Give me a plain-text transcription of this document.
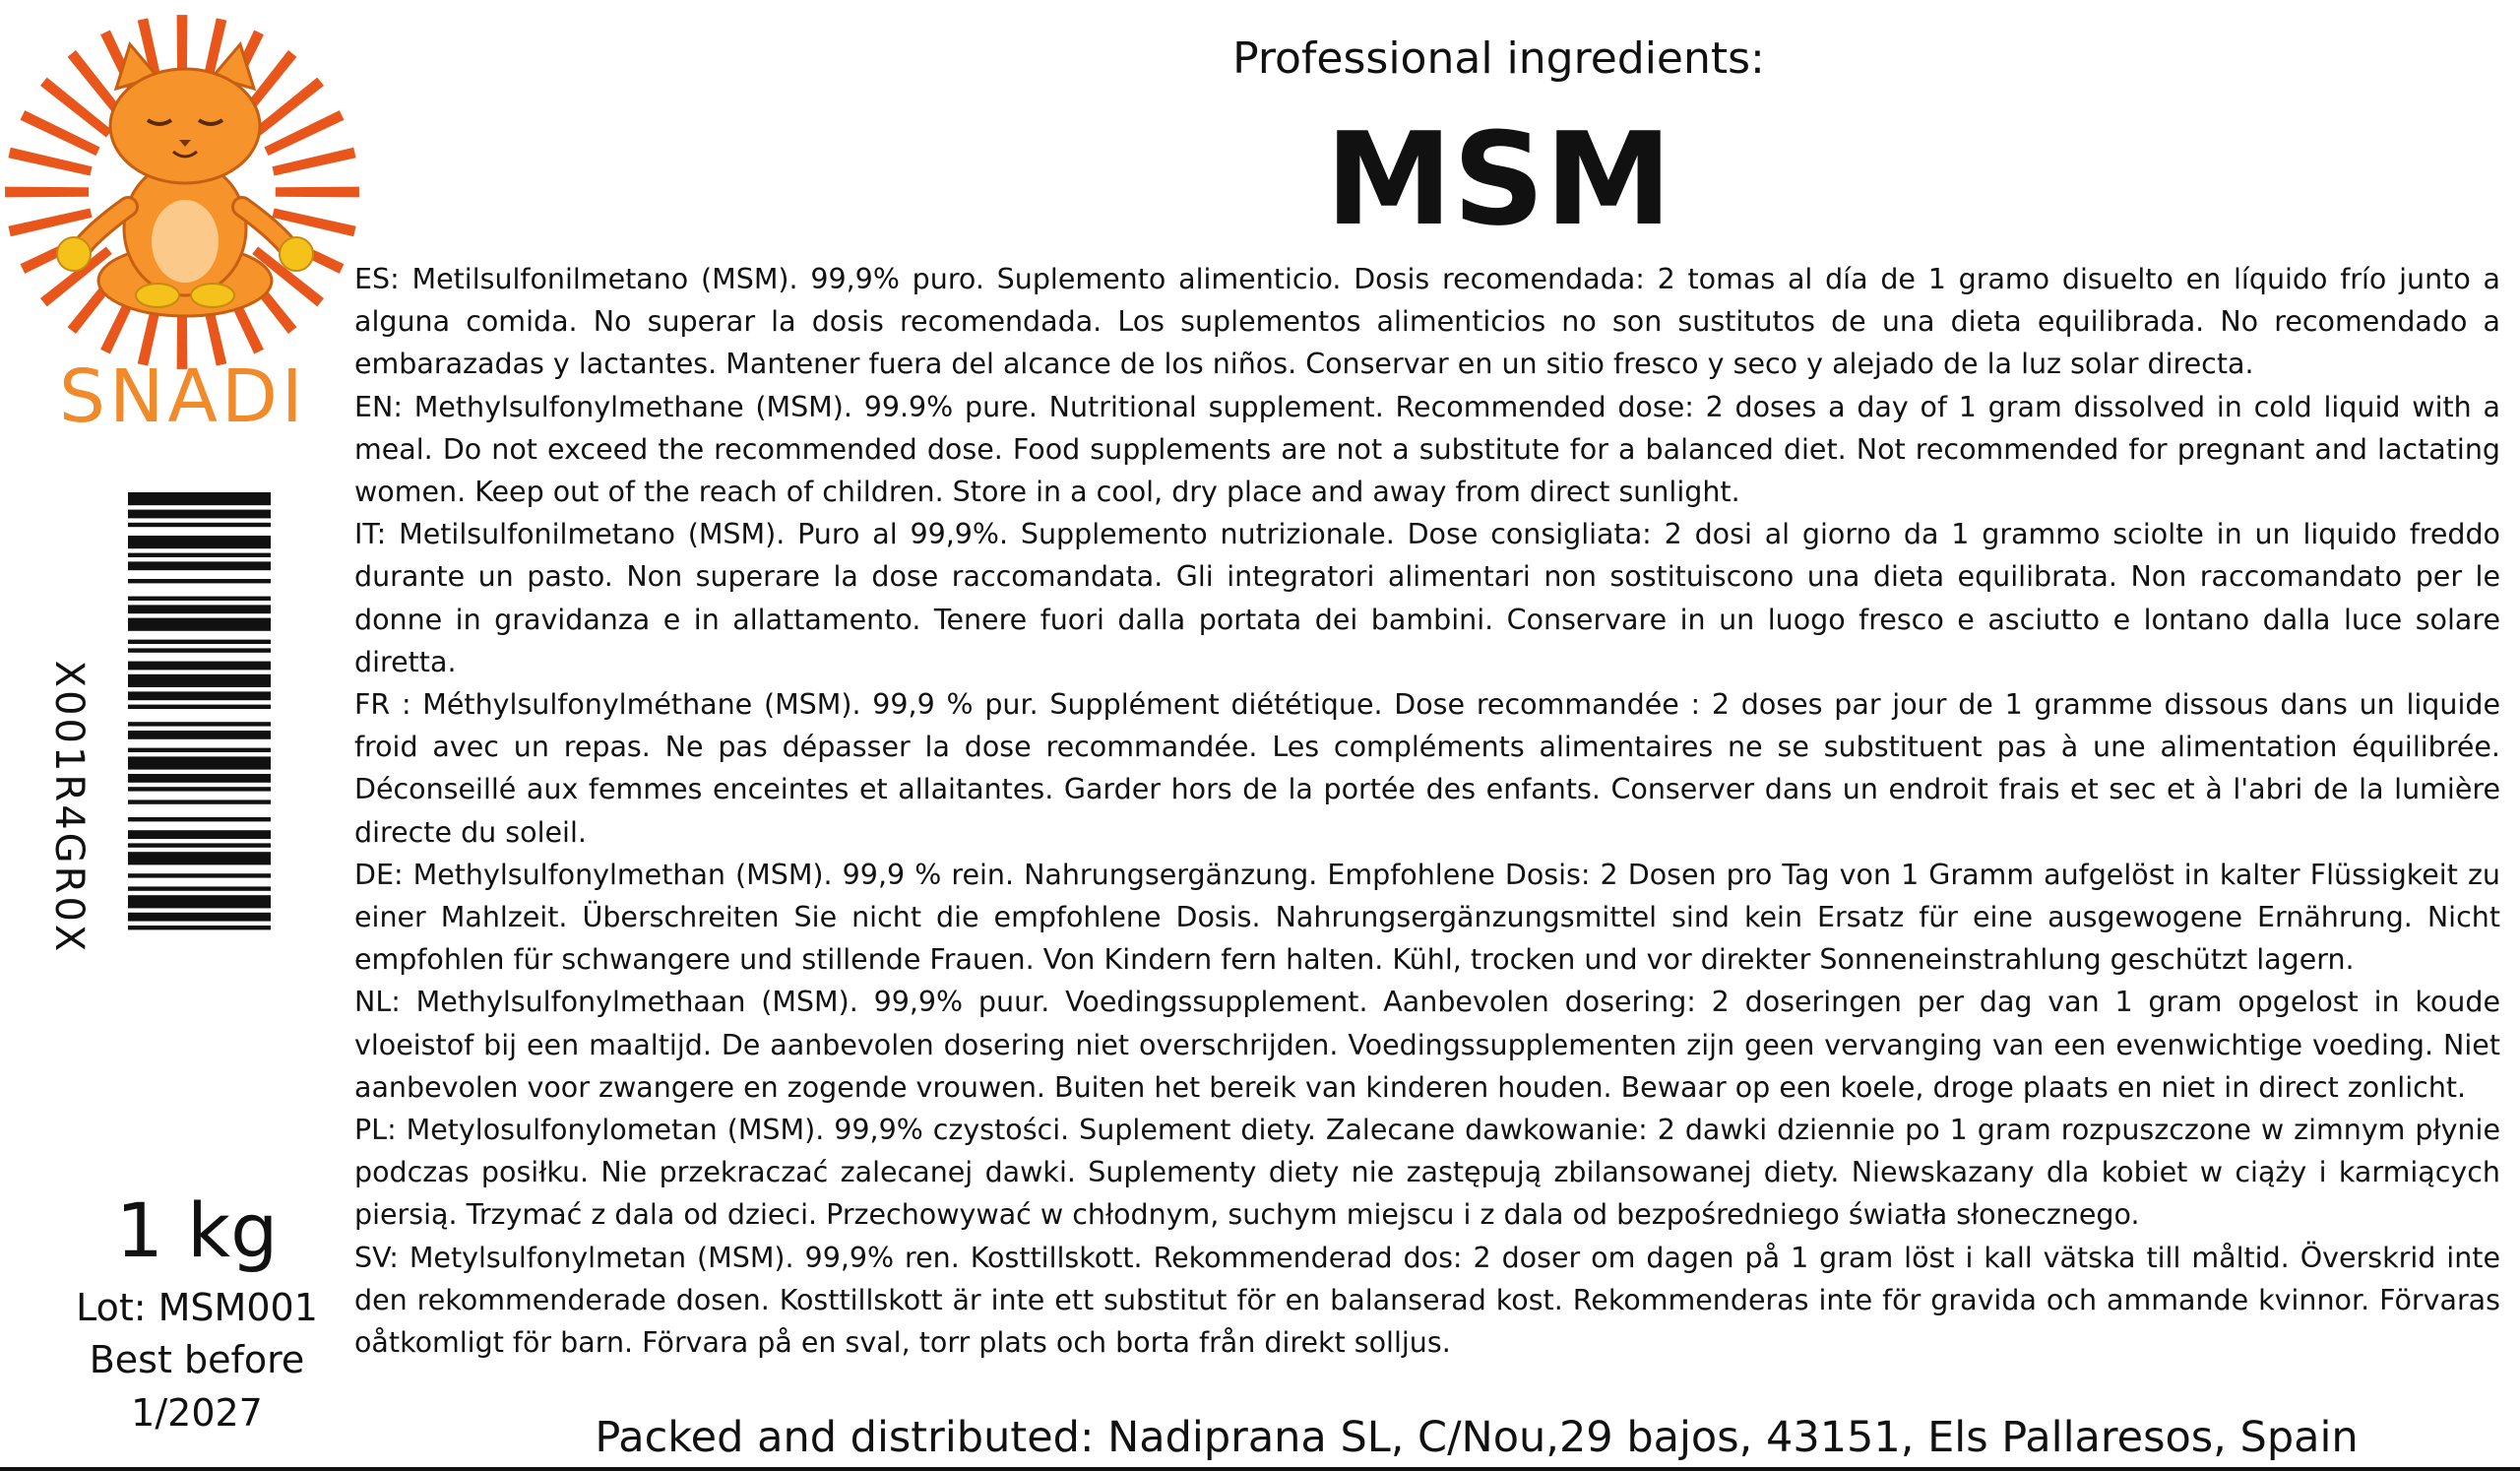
SNADI
X001R4GR0X
1 kg
Lot: MSM001
Best before
1/2027
Professional ingredients:
MSM

ES: Metilsulfonilmetano (MSM). 99,9% puro. Suplemento alimenticio. Dosis recomendada: 2 tomas al día de 1 gramo disuelto en líquido frío junto a alguna comida. No superar la dosis recomendada. Los suplementos alimenticios no son sustitutos de una dieta equilibrada. No recomendado a embarazadas y lactantes. Mantener fuera del alcance de los niños. Conservar en un sitio fresco y seco y alejado de la luz solar directa.

EN: Methylsulfonylmethane (MSM). 99.9% pure. Nutritional supplement. Recommended dose: 2 doses a day of 1 gram dissolved in cold liquid with a meal. Do not exceed the recommended dose. Food supplements are not a substitute for a balanced diet. Not recommended for pregnant and lactating women. Keep out of the reach of children. Store in a cool, dry place and away from direct sunlight.

IT: Metilsulfonilmetano (MSM). Puro al 99,9%. Supplemento nutrizionale. Dose consigliata: 2 dosi al giorno da 1 grammo sciolte in un liquido freddo durante un pasto. Non superare la dose raccomandata. Gli integratori alimentari non sostituiscono una dieta equilibrata. Non raccomandato per le donne in gravidanza e in allattamento. Tenere fuori dalla portata dei bambini. Conservare in un luogo fresco e asciutto e lontano dalla luce solare diretta.

FR : Méthylsulfonylméthane (MSM). 99,9 % pur. Supplément diététique. Dose recommandée : 2 doses par jour de 1 gramme dissous dans un liquide froid avec un repas. Ne pas dépasser la dose recommandée. Les compléments alimentaires ne se substituent pas à une alimentation équilibrée. Déconseillé aux femmes enceintes et allaitantes. Garder hors de la portée des enfants. Conserver dans un endroit frais et sec et à l'abri de la lumière directe du soleil.

DE: Methylsulfonylmethan (MSM). 99,9 % rein. Nahrungsergänzung. Empfohlene Dosis: 2 Dosen pro Tag von 1 Gramm aufgelöst in kalter Flüssigkeit zu einer Mahlzeit. Überschreiten Sie nicht die empfohlene Dosis. Nahrungsergänzungsmittel sind kein Ersatz für eine ausgewogene Ernährung. Nicht empfohlen für schwangere und stillende Frauen. Von Kindern fern halten. Kühl, trocken und vor direkter Sonneneinstrahlung geschützt lagern.

NL: Methylsulfonylmethaan (MSM). 99,9% puur. Voedingssupplement. Aanbevolen dosering: 2 doseringen per dag van 1 gram opgelost in koude vloeistof bij een maaltijd. De aanbevolen dosering niet overschrijden. Voedingssupplementen zijn geen vervanging van een evenwichtige voeding. Niet aanbevolen voor zwangere en zogende vrouwen. Buiten het bereik van kinderen houden. Bewaar op een koele, droge plaats en niet in direct zonlicht.

PL: Metylosulfonylometan (MSM). 99,9% czystości. Suplement diety. Zalecane dawkowanie: 2 dawki dziennie po 1 gram rozpuszczone w zimnym płynie podczas posiłku. Nie przekraczać zalecanej dawki. Suplementy diety nie zastępują zbilansowanej diety. Niewskazany dla kobiet w ciąży i karmiących piersią. Trzymać z dala od dzieci. Przechowywać w chłodnym, suchym miejscu i z dala od bezpośredniego światła słonecznego.

SV: Metylsulfonylmetan (MSM). 99,9% ren. Kosttillskott. Rekommenderad dos: 2 doser om dagen på 1 gram löst i kall vätska till måltid. Överskrid inte den rekommenderade dosen. Kosttillskott är inte ett substitut för en balanserad kost. Rekommenderas inte för gravida och ammande kvinnor. Förvaras oåtkomligt för barn. Förvara på en sval, torr plats och borta från direkt solljus.

Packed and distributed: Nadiprana SL, C/Nou,29 bajos, 43151, Els Pallaresos, Spain
